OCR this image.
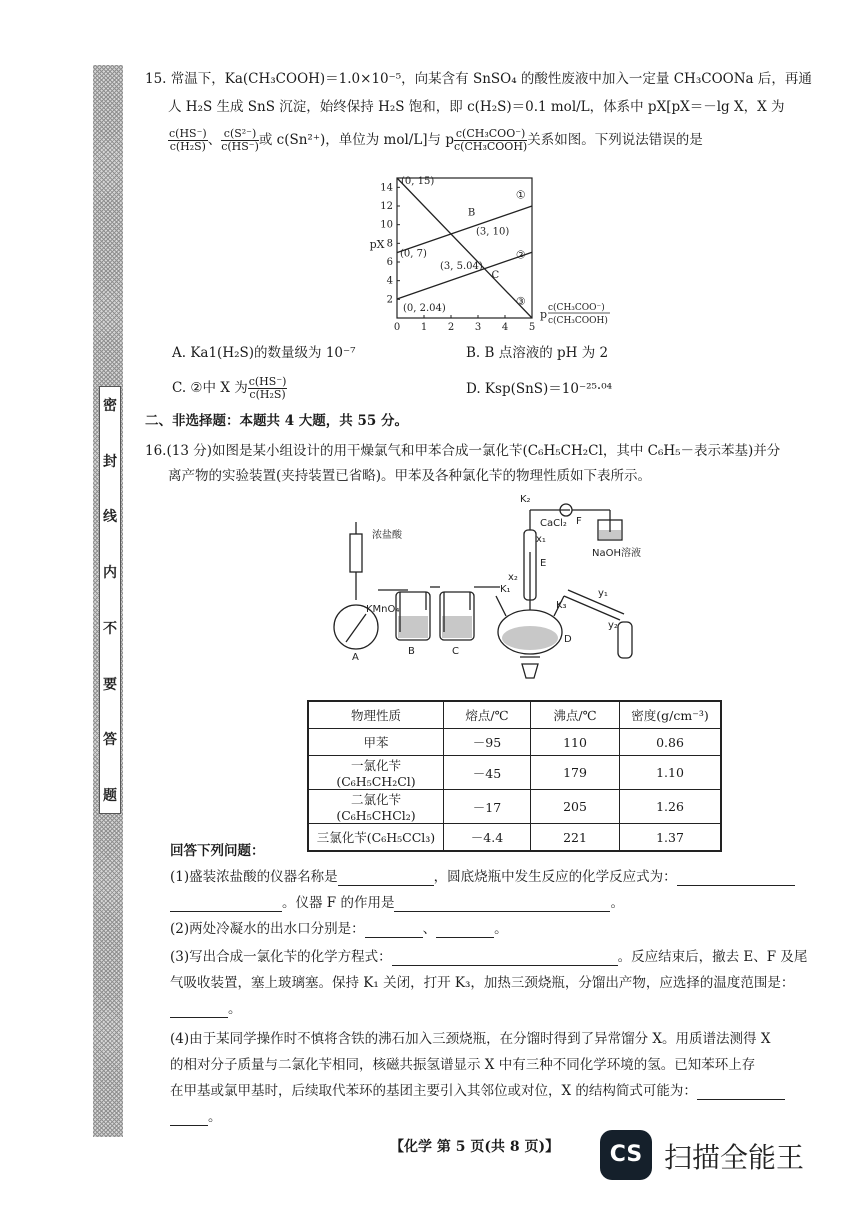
密
封
线
内
不
要
答
题
15. 常温下，Ka(CH₃COOH)＝1.0×10⁻⁵，向某含有 SnSO₄ 的酸性废液中加入一定量 CH₃COONa 后，再通
人 H₂S 生成 SnS 沉淀，始终保持 H₂S 饱和，即 c(H₂S)＝0.1 mol/L，体系中 pX[pX＝－lg X，X 为
$\frac{c(HS^-)}{\text{c(H₂S)}}$ 、 $\frac{\text{c(S²⁻)}}{c(HS^-)}$ 或 c(Sn²⁺)，单位为 mol/L]与 p $\frac{\text{c(CH₃COO⁻)}}{\text{c(CH₃COOH)}}$ 关系如图。下列说法错误的是
0 1 2 3 4 5
2
4
6
8
10
12
14
pX
p c(CH₃COO⁻)
c(CH₃COOH)
①
②
③
(0, 15)
B
(3, 10)
(0, 7)
(3, 5.04)
C
(0, 2.04)
A. Ka1(H₂S)的数量级为 10⁻⁷	B. B 点溶液的 pH 为 2
C. ②中 X 为 $\frac{c(HS^-)}{\text{c(H₂S)}}$	D. Ksp(SnS)＝10⁻²⁵·⁰⁴
二、非选择题：本题共 4 大题，共 55 分。
16.(13 分)如图是某小组设计的用干燥氯气和甲苯合成一氯化苄(C₆H₅CH₂Cl，其中 C₆H₅－表示苯基)并分
离产物的实验装置(夹持装置已省略)。甲苯及各种氯化苄的物理性质如下表所示。
浓盐酸
KMnO₄
A
B	C
K₂
CaCl₂ F
x₁
NaOH溶液
E
x₂
K₁
K₃
y₁
y₂
D
物理性质	熔点/℃	沸点/℃	密度(g/cm⁻³)
甲苯	－95	110	0.86
一氯化苄(C₆H₅CH₂Cl)	－45	179	1.10
二氯化苄(C₆H₅CHCl₂)	－17	205	1.26
三氯化苄(C₆H₅CCl₃)	－4.4	221	1.37
回答下列问题：
(1)盛装浓盐酸的仪器名称是	，圆底烧瓶中发生反应的化学反应式为：
。仪器 F 的作用是	。
(2)两处冷凝水的出水口分别是：	、	。
(3)写出合成一氯化苄的化学方程式：	。反应结束后，撤去 E、F 及尾
气吸收装置，塞上玻璃塞。保持 K₁ 关闭，打开 K₃，加热三颈烧瓶，分馏出产物，应选择的温度范围是：
。
(4)由于某同学操作时不慎将含铁的沸石加入三颈烧瓶，在分馏时得到了异常馏分 X。用质谱法测得 X
的相对分子质量与二氯化苄相同，核磁共振氢谱显示 X 中有三种不同化学环境的氢。已知苯环上存
在甲基或氯甲基时，后续取代苯环的基团主要引入其邻位或对位，X 的结构简式可能为：
。
【化学 第 5 页(共 8 页)】	CS 扫描全能王
